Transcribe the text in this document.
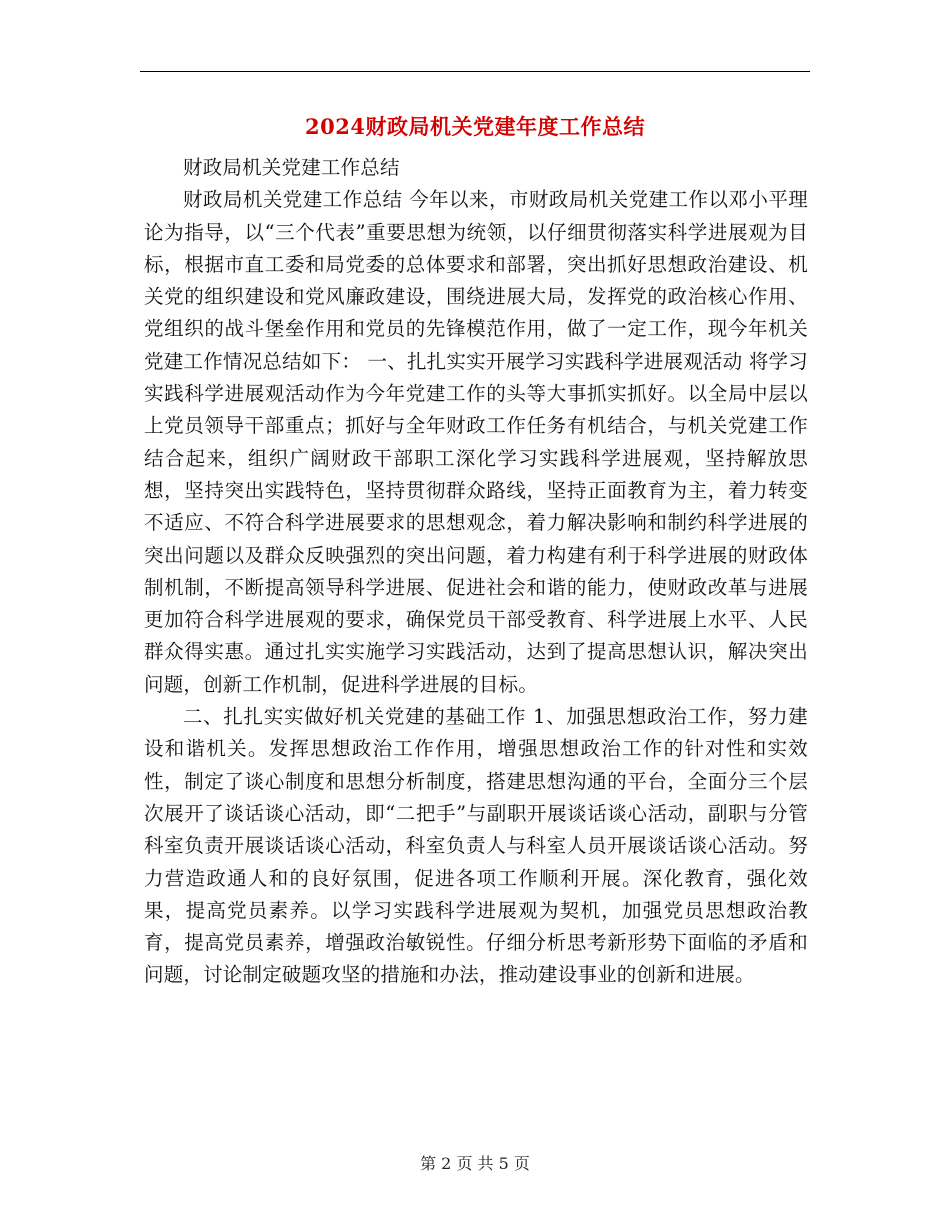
2024财政局机关党建年度工作总结

财政局机关党建工作总结

财政局机关党建工作总结 今年以来，市财政局机关党建工作以邓小平理论为指导，以“三个代表”重要思想为统领，以仔细贯彻落实科学进展观为目标，根据市直工委和局党委的总体要求和部署，突出抓好思想政治建设、机关党的组织建设和党风廉政建设，围绕进展大局，发挥党的政治核心作用、党组织的战斗堡垒作用和党员的先锋模范作用，做了一定工作，现今年机关党建工作情况总结如下： 一、扎扎实实开展学习实践科学进展观活动 将学习实践科学进展观活动作为今年党建工作的头等大事抓实抓好。以全局中层以上党员领导干部重点；抓好与全年财政工作任务有机结合，与机关党建工作结合起来，组织广阔财政干部职工深化学习实践科学进展观，坚持解放思想，坚持突出实践特色，坚持贯彻群众路线，坚持正面教育为主，着力转变不适应、不符合科学进展要求的思想观念，着力解决影响和制约科学进展的突出问题以及群众反映强烈的突出问题，着力构建有利于科学进展的财政体制机制，不断提高领导科学进展、促进社会和谐的能力，使财政改革与进展更加符合科学进展观的要求，确保党员干部受教育、科学进展上水平、人民群众得实惠。通过扎实实施学习实践活动，达到了提高思想认识，解决突出问题，创新工作机制，促进科学进展的目标。

二、扎扎实实做好机关党建的基础工作 1、加强思想政治工作，努力建设和谐机关。发挥思想政治工作作用，增强思想政治工作的针对性和实效性，制定了谈心制度和思想分析制度，搭建思想沟通的平台，全面分三个层次展开了谈话谈心活动，即“二把手”与副职开展谈话谈心活动，副职与分管科室负责开展谈话谈心活动，科室负责人与科室人员开展谈话谈心活动。努力营造政通人和的良好氛围，促进各项工作顺利开展。深化教育，强化效果，提高党员素养。以学习实践科学进展观为契机，加强党员思想政治教育，提高党员素养，增强政治敏锐性。仔细分析思考新形势下面临的矛盾和问题，讨论制定破题攻坚的措施和办法，推动建设事业的创新和进展。

第 2 页 共 5 页
